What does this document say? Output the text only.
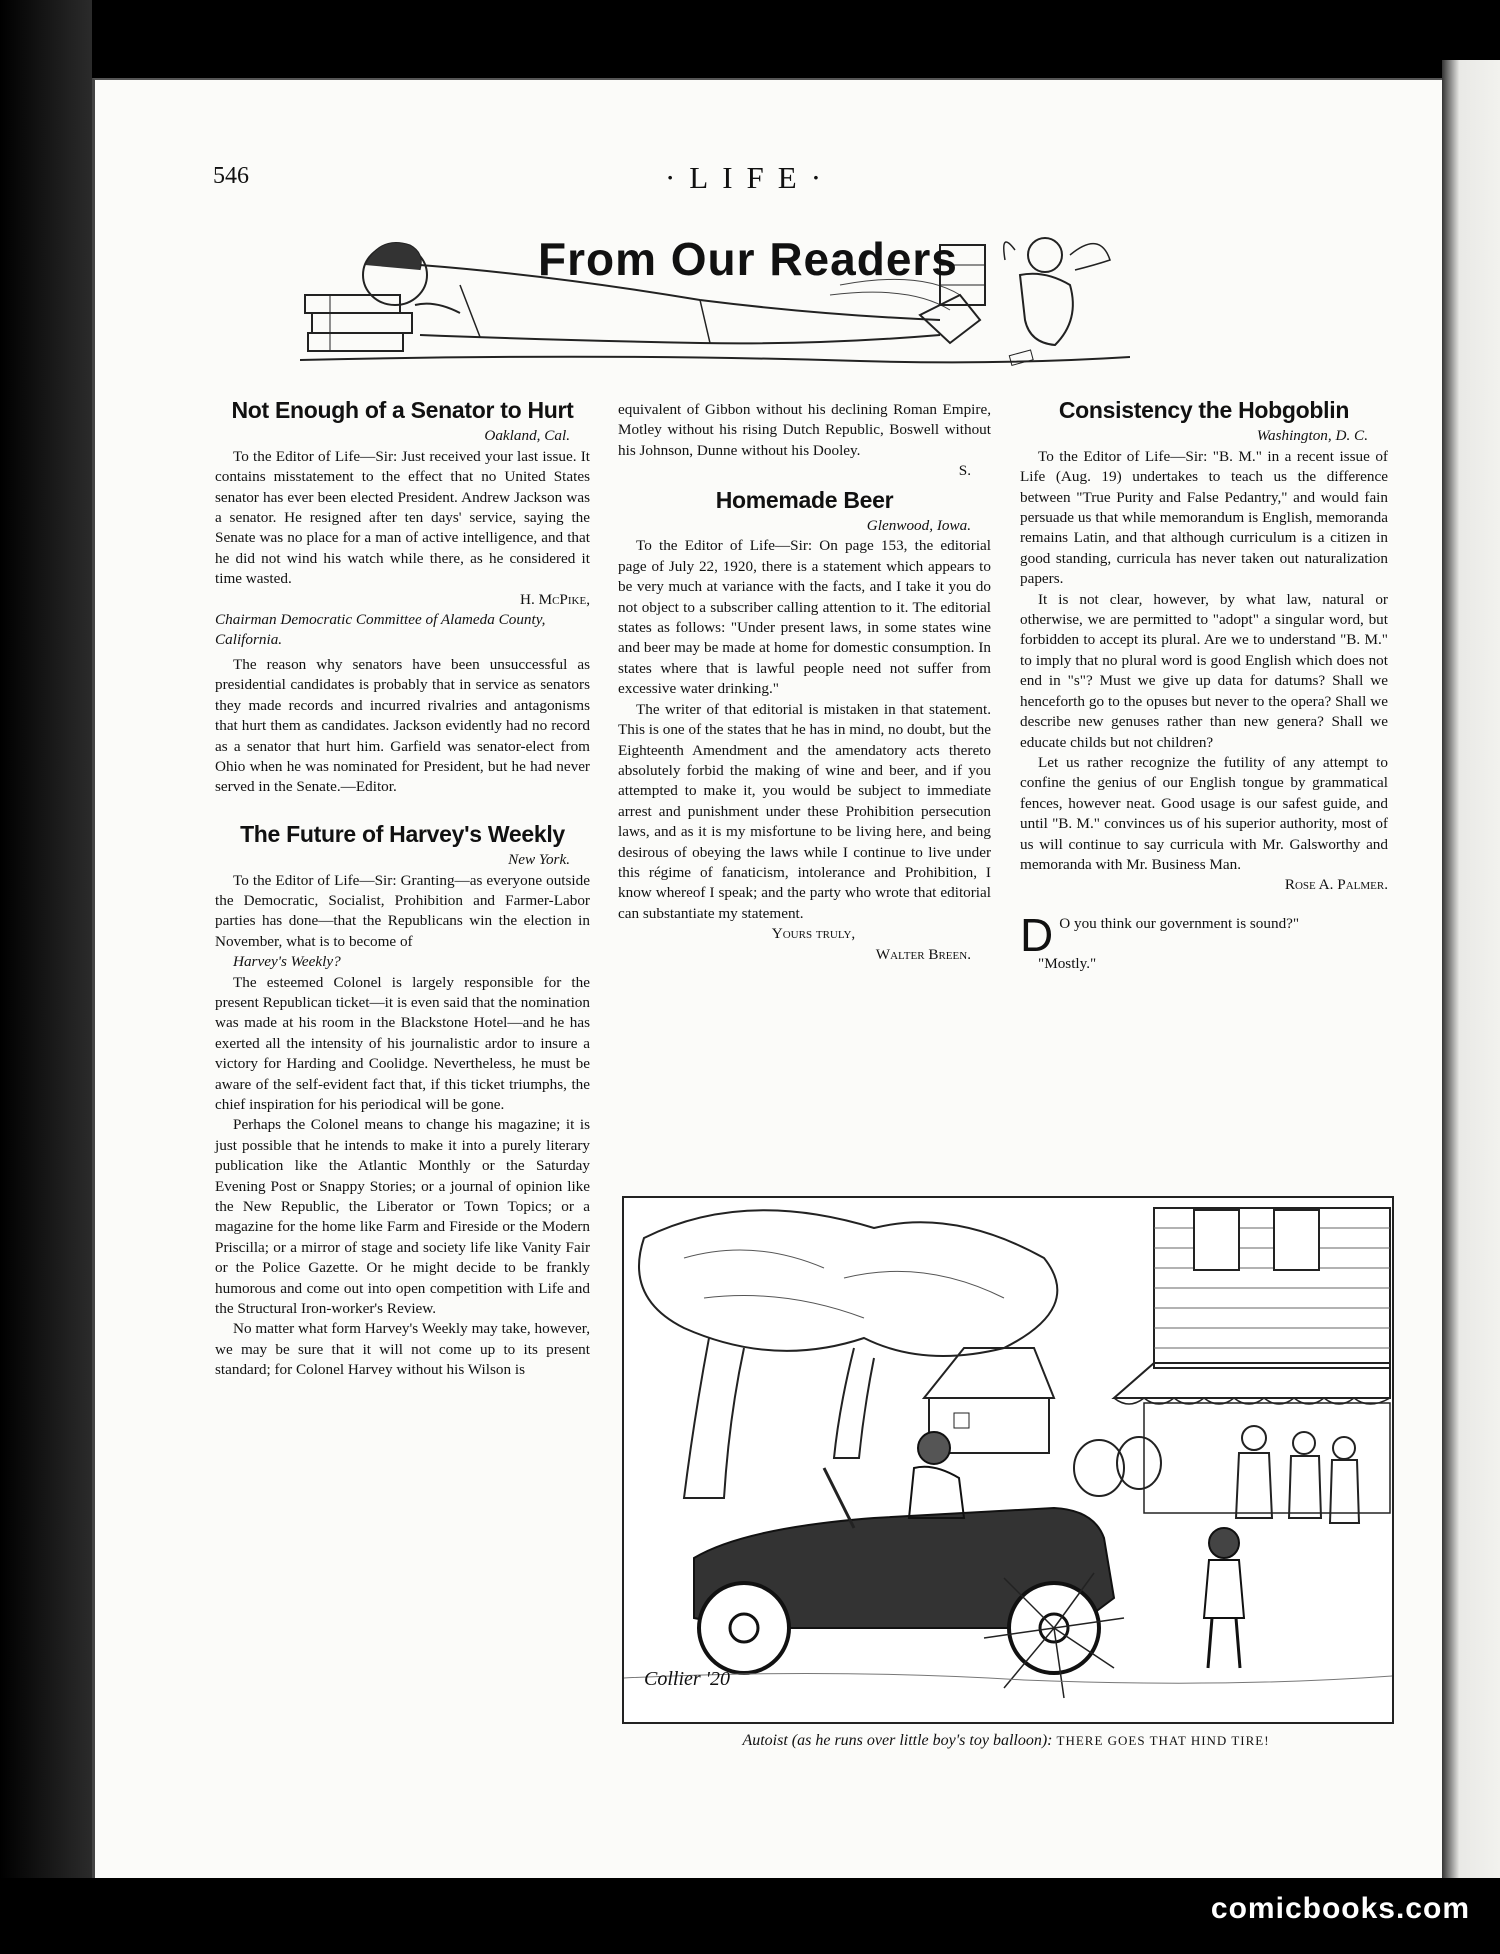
546	·LIFE·
From Our Readers
Not Enough of a Senator to Hurt

Oakland, Cal.

To the Editor of Life—Sir: Just received your last issue. It contains misstatement to the effect that no United States senator has ever been elected President. Andrew Jackson was a senator. He resigned after ten days' service, saying the Senate was no place for a man of active intelligence, and that he did not wind his watch while there, as he considered it time wasted.

H. McPike,

Chairman Democratic Committee of Alameda County, California.

The reason why senators have been unsuccessful as presidential candidates is probably that in service as senators they made records and incurred rivalries and antagonisms that hurt them as candidates. Jackson evidently had no record as a senator that hurt him. Garfield was senator-elect from Ohio when he was nominated for President, but he had never served in the Senate.—Editor.

The Future of Harvey's Weekly

New York.

To the Editor of Life—Sir: Granting—as everyone outside the Democratic, Socialist, Prohibition and Farmer-Labor parties has done—that the Republicans win the election in November, what is to become of

Harvey's Weekly?

The esteemed Colonel is largely responsible for the present Republican ticket—it is even said that the nomination was made at his room in the Blackstone Hotel—and he has exerted all the intensity of his journalistic ardor to insure a victory for Harding and Coolidge. Nevertheless, he must be aware of the self-evident fact that, if this ticket triumphs, the chief inspiration for his periodical will be gone.

Perhaps the Colonel means to change his magazine; it is just possible that he intends to make it into a purely literary publication like the Atlantic Monthly or the Saturday Evening Post or Snappy Stories; or a journal of opinion like the New Republic, the Liberator or Town Topics; or a magazine for the home like Farm and Fireside or the Modern Priscilla; or a mirror of stage and society life like Vanity Fair or the Police Gazette. Or he might decide to be frankly humorous and come out into open competition with Life and the Structural Iron-worker's Review.

No matter what form Harvey's Weekly may take, however, we may be sure that it will not come up to its present standard; for Colonel Harvey without his Wilson is

equivalent of Gibbon without his declining Roman Empire, Motley without his rising Dutch Republic, Boswell without his Johnson, Dunne without his Dooley.

S.

Homemade Beer

Glenwood, Iowa.

To the Editor of Life—Sir: On page 153, the editorial page of July 22, 1920, there is a statement which appears to be very much at variance with the facts, and I take it you do not object to a subscriber calling attention to it. The editorial states as follows: "Under present laws, in some states wine and beer may be made at home for domestic consumption. In states where that is lawful people need not suffer from excessive water drinking."

The writer of that editorial is mistaken in that statement. This is one of the states that he has in mind, no doubt, but the Eighteenth Amendment and the amendatory acts thereto absolutely forbid the making of wine and beer, and if you attempted to make it, you would be subject to immediate arrest and punishment under these Prohibition persecution laws, and as it is my misfortune to be living here, and being desirous of obeying the laws while I continue to live under this régime of fanaticism, intolerance and Prohibition, I know whereof I speak; and the party who wrote that editorial can substantiate my statement.

Yours truly,

Walter Breen.

Consistency the Hobgoblin

Washington, D. C.

To the Editor of Life—Sir: "B. M." in a recent issue of Life (Aug. 19) undertakes to teach us the difference between "True Purity and False Pedantry," and would fain persuade us that while memorandum is English, memoranda remains Latin, and that although curriculum is a citizen in good standing, curricula has never taken out naturalization papers.

It is not clear, however, by what law, natural or otherwise, we are permitted to "adopt" a singular word, but forbidden to accept its plural. Are we to understand "B. M." to imply that no plural word is good English which does not end in "s"? Must we give up data for datums? Shall we henceforth go to the opuses but never to the opera? Shall we describe new genuses rather than new genera? Shall we educate childs but not children?

Let us rather recognize the futility of any attempt to confine the genius of our English tongue by grammatical fences, however neat. Good usage is our safest guide, and until "B. M." convinces us of his superior authority, most of us will continue to say curricula with Mr. Galsworthy and memoranda with Mr. Business Man.

Rose A. Palmer.

D O you think our government is sound?"

"Mostly."

Collier '20
Autoist (as he runs over little boy's toy balloon): THERE GOES THAT HIND TIRE!
comicbooks.com
